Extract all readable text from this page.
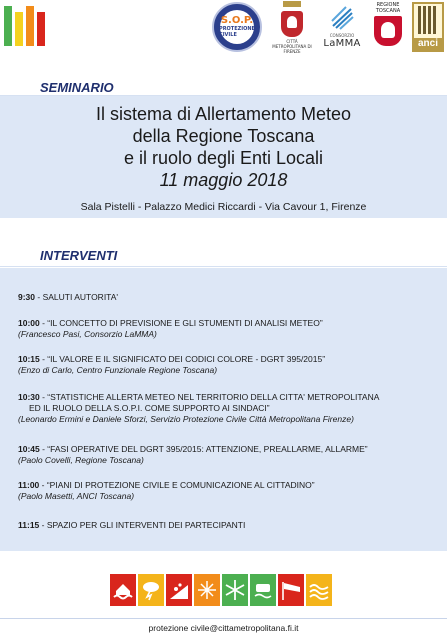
S.O.P.
PROTEZIONE CIVILE
CITTÀ METROPOLITANA DI FIRENZE
CONSORZIO
LaMMA
REGIONE TOSCANA
anci
SEMINARIO
Il sistema di Allertamento Meteo
della Regione Toscana
e il ruolo degli Enti Locali
11 maggio 2018
Sala Pistelli - Palazzo Medici Riccardi - Via Cavour 1, Firenze
INTERVENTI
9:30 - SALUTI AUTORITA'
10:00 - “IL CONCETTO DI PREVISIONE E GLI STUMENTI DI ANALISI METEO”
(Francesco Pasi, Consorzio LaMMA)
10:15 - “IL VALORE E IL SIGNIFICATO DEI CODICI COLORE - DGRT 395/2015”
(Enzo di Carlo, Centro Funzionale Regione Toscana)
10:30 - “STATISTICHE ALLERTA METEO NEL TERRITORIO DELLA CITTA' METROPOLITANA
ED IL RUOLO DELLA S.O.P.I. COME SUPPORTO AI SINDACI”
(Leonardo Ermini e Daniele Sforzi, Servizio Protezione Civile Città Metropolitana Firenze)
10:45 - “FASI OPERATIVE DEL DGRT 395/2015: ATTENZIONE, PREALLARME, ALLARME”
(Paolo Covelli, Regione Toscana)
11:00 - “PIANI DI PROTEZIONE CIVILE E COMUNICAZIONE AL CITTADINO”
(Paolo Masetti, ANCI Toscana)
11:15 - SPAZIO PER GLI INTERVENTI DEI PARTECIPANTI
protezione civile@cittametropolitana.fi.it
